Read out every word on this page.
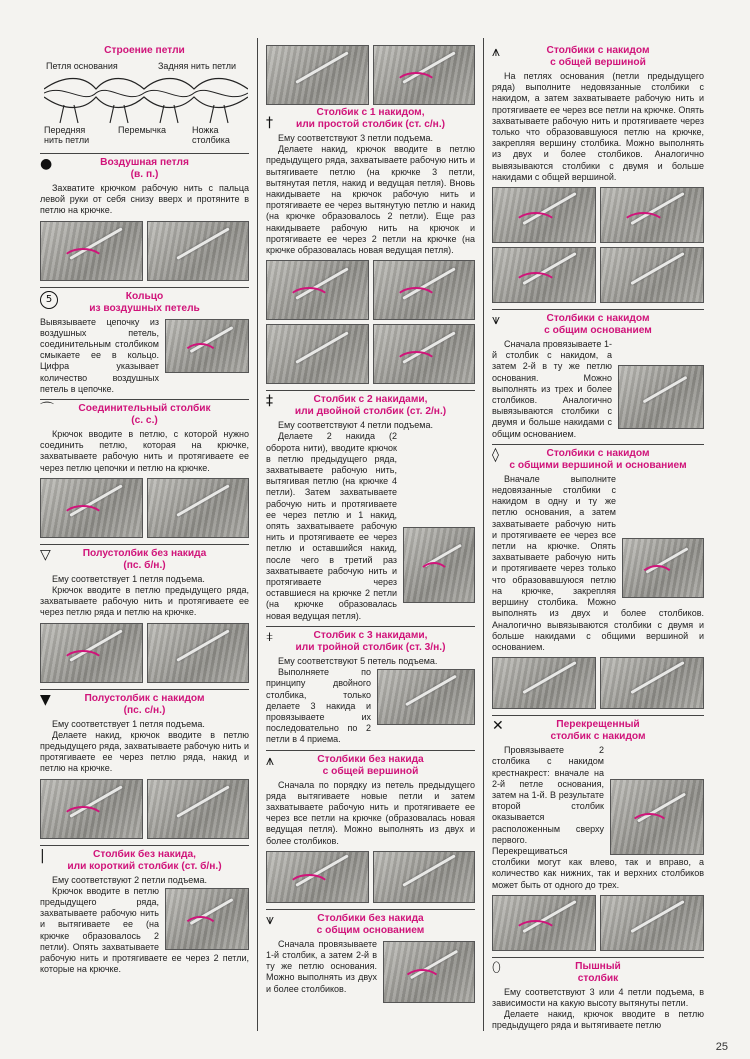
Строение петли
Петля основания	Задняя нить петли
Передняя нить петли
Перемычка	Ножка столбика
●	Воздушная петля
(в. п.)

Захватите крючком рабочую нить с пальца левой руки от себя снизу вверх и протяните в петлю на крючке.

5	Кольцо
из воздушных петель

Вывязываете цепочку из воздушных петель, соединительным столбиком смыкаете ее в кольцо. Цифра указывает количество воздушных петель в цепочке.

⌒	Соединительный столбик
(с. с.)

Крючок вводите в петлю, с которой нужно соединить петлю, которая на крючке, захватываете рабочую нить и протягиваете ее через петлю цепочки и петлю на крючке.

▽	Полустолбик без накида
(пс. б/н.)

Ему соответствует 1 петля подъема.

Крючок вводите в петлю предыдущего ряда, захватываете рабочую нить и протягиваете ее через петлю ряда и петлю на крючке.

▼	Полустолбик с накидом
(пс. с/н.)

Ему соответствует 1 петля подъема.

Делаете накид, крючок вводите в петлю предыдущего ряда, захватываете рабочую нить и протягиваете ее через петлю ряда, накид и петлю на крючке.

|	Столбик без накида,
или короткий столбик (ст. б/н.)

Ему соответствуют 2 петли подъема.

Крючок вводите в петлю предыдущего ряда, захватываете рабочую нить и вытягиваете ее (на крючке образовалось 2 петли). Опять захватываете рабочую нить и протягиваете ее через 2 петли, которые на крючке.

†
Столбик с 1 накидом,
или простой столбик (ст. с/н.)

Ему соответствуют 3 петли подъема.

Делаете накид, крючок вводите в петлю предыдущего ряда, захватываете рабочую нить и вытягиваете петлю (на крючке 3 петли, вытянутая петля, накид и ведущая петля). Вновь накидываете на крючок рабочую нить и протягиваете ее через вытянутую петлю и накид (на крючке образовалось 2 петли). Еще раз накидываете рабочую нить на крючок и протягиваете ее через 2 петли на крючке (на крючке образовалась новая ведущая петля).

‡	Столбик с 2 накидами,
или двойной столбик (ст. 2/н.)

Ему соответствуют 4 петли подъема.

Делаете 2 накида (2 оборота нити), вводите крючок в петлю предыдущего ряда, захватываете рабочую нить, вытягивая петлю (на крючке 4 петли). Затем захватываете рабочую нить и протягиваете ее через петлю и 1 накид, опять захватываете рабочую нить и протягиваете ее через петлю и оставшийся накид, после чего в третий раз захватываете рабочую нить и протягиваете через оставшиеся на крючке 2 петли (на крючке образовалась новая ведущая петля).

⧧	Столбик с 3 накидами,
или тройной столбик (ст. 3/н.)

Ему соответствуют 5 петель подъема.

Выполняете по принципу двойного столбика, только делаете 3 накида и провязываете их последовательно по 2 петли в 4 приема.

⩚	Столбики без накида
с общей вершиной

Сначала по порядку из петель предыдущего ряда вытягиваете новые петли и затем захватываете рабочую нить и протягиваете ее через все петли на крючке (образовалась новая ведущая петля). Можно выполнять из двух и более столбиков.

⩛	Столбики без накида
с общим основанием

Сначала провязываете 1-й столбик, а затем 2-й в ту же петлю основания. Можно выполнять из двух и более столбиков.

⩚	Столбики с накидом
с общей вершиной

На петлях основания (петли предыдущего ряда) выполните недовязанные столбики с накидом, а затем захватываете рабочую нить и протягиваете ее через все петли на крючке. Опять захватываете рабочую нить и протягиваете через только что образовавшуюся петлю на крючке, закрепляя вершину столбика. Можно выполнять из двух и более столбиков. Аналогично вывязываются столбики с двумя и больше накидами с общей вершиной.

⩛	Столбики с накидом
с общим основанием

Сначала провязываете 1-й столбик с накидом, а затем 2-й в ту же петлю основания. Можно выполнять из трех и более столбиков. Аналогично вывязываются столбики с двумя и больше накидами с общим основанием.

◊	Столбики с накидом
с общими вершиной и основанием

Вначале выполните недовязанные столбики с накидом в одну и ту же петлю основания, а затем захватываете рабочую нить и протягиваете ее через все петли на крючке. Опять захватываете рабочую нить и протягиваете через только что образовавшуюся петлю на крючке, закрепляя вершину столбика. Можно выполнять из двух и более столбиков. Аналогично вывязываются столбики с двумя и больше накидами с общими вершиной и основанием.

✕	Перекрещенный
столбик с накидом

Провязываете 2 столбика с накидом крестнакрест: вначале на 2-й петле основания, затем на 1-й. В результате второй столбик оказывается расположенным сверху первого. Перекрещиваться столбики могут как влево, так и вправо, а количество как нижних, так и верхних столбиков может быть от одного до трех.

⬯	Пышный
столбик

Ему соответствуют 3 или 4 петли подъема, в зависимости на какую высоту вытянуты петли.

Делаете накид, крючок вводите в петлю предыдущего ряда и вытягиваете петлю

25
